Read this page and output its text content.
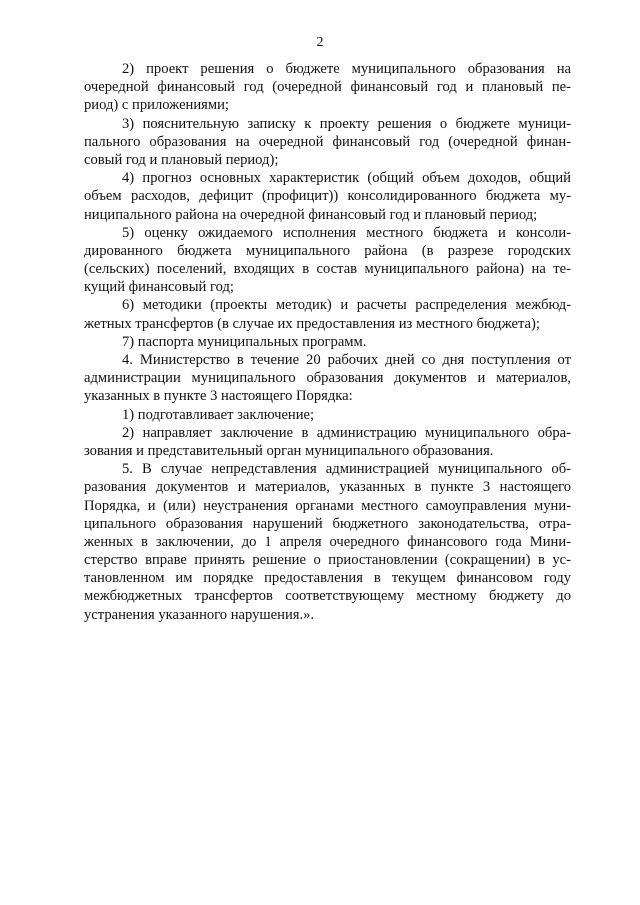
2
2) проект решения о бюджете муниципального образования на
очередной финансовый год (очередной финансовый год и плановый пе-
риод) с приложениями;
3) пояснительную записку к проекту решения о бюджете муници-
пального образования на очередной финансовый год (очередной финан-
совый год и плановый период);
4) прогноз основных характеристик (общий объем доходов, общий
объем расходов, дефицит (профицит)) консолидированного бюджета му-
ниципального района на очередной финансовый год и плановый период;
5) оценку ожидаемого исполнения местного бюджета и консоли-
дированного бюджета муниципального района (в разрезе городских
(сельских) поселений, входящих в состав муниципального района) на те-
кущий финансовый год;
6) методики (проекты методик) и расчеты распределения межбюд-
жетных трансфертов (в случае их предоставления из местного бюджета);
7) паспорта муниципальных программ.
4. Министерство в течение 20 рабочих дней со дня поступления от
администрации муниципального образования документов и материалов,
указанных в пункте 3 настоящего Порядка:
1) подготавливает заключение;
2) направляет заключение в администрацию муниципального обра-
зования и представительный орган муниципального образования.
5. В случае непредставления администрацией муниципального об-
разования документов и материалов, указанных в пункте 3 настоящего
Порядка, и (или) неустранения органами местного самоуправления муни-
ципального образования нарушений бюджетного законодательства, отра-
женных в заключении, до 1 апреля очередного финансового года Мини-
стерство вправе принять решение о приостановлении (сокращении) в ус-
тановленном им порядке предоставления в текущем финансовом году
межбюджетных трансфертов соответствующему местному бюджету до
устранения указанного нарушения.».
